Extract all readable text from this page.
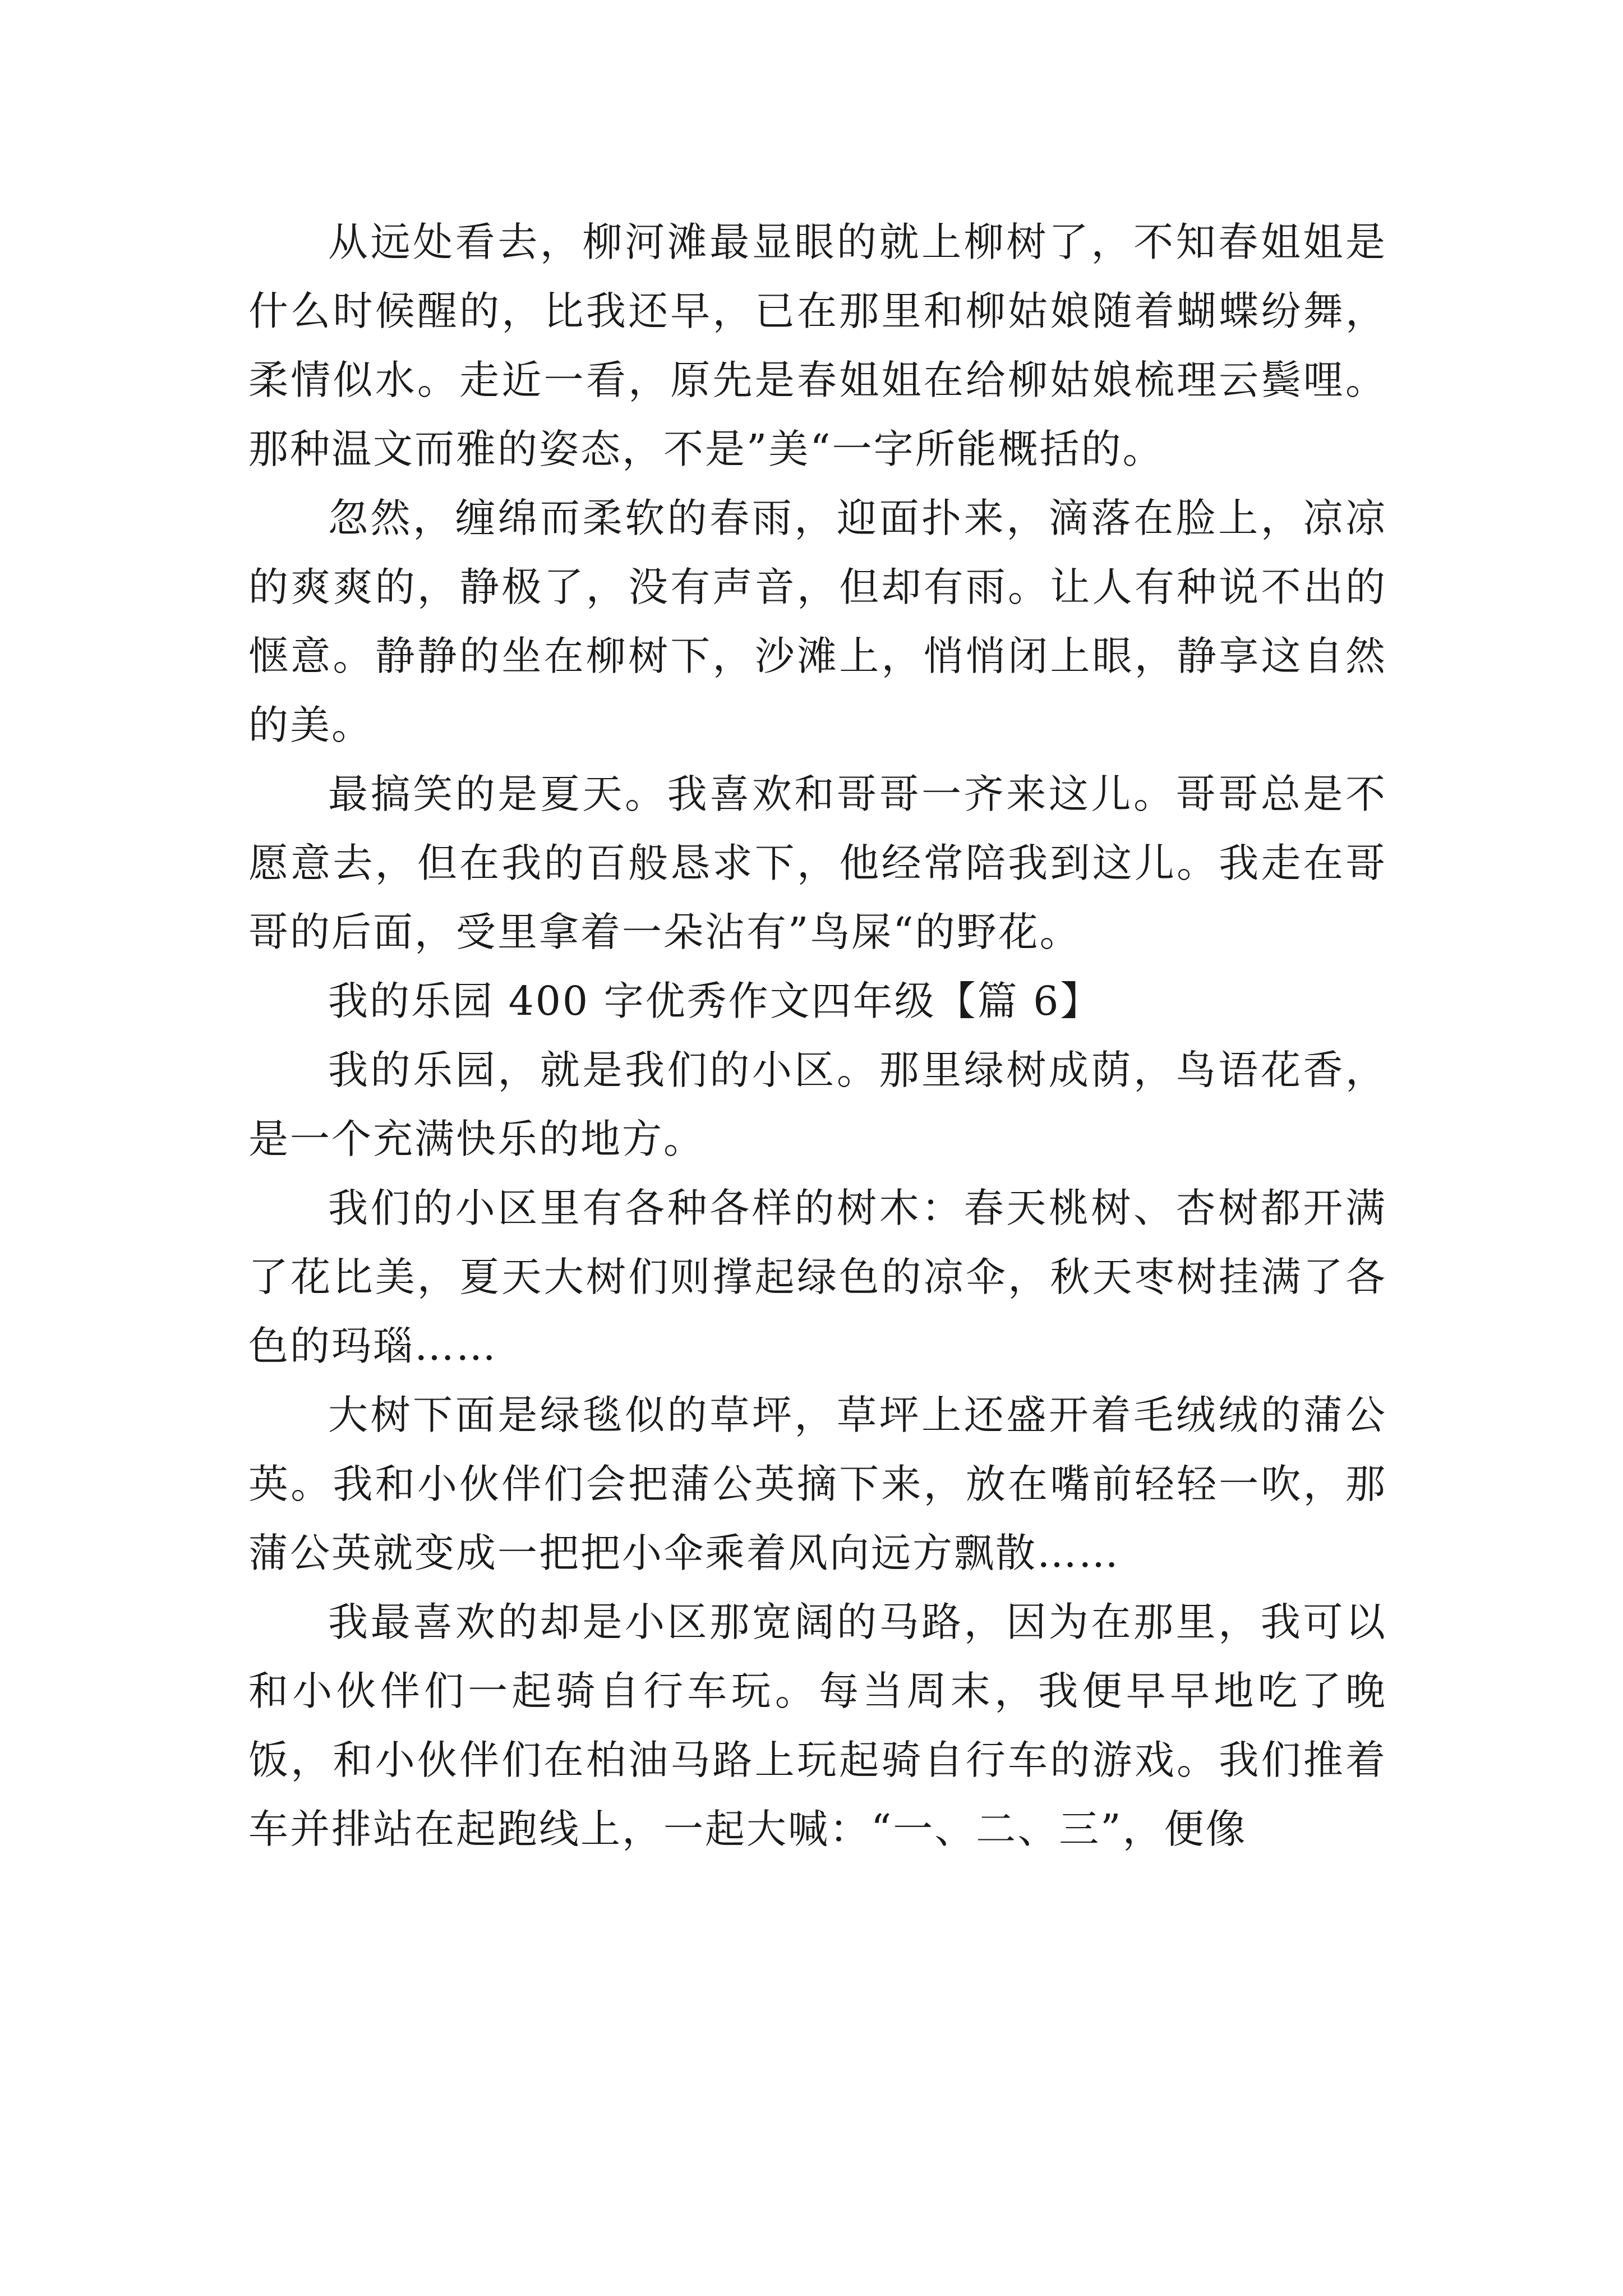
从远处看去，柳河滩最显眼的就上柳树了，不知春姐姐是什么时候醒的，比我还早，已在那里和柳姑娘随着蝴蝶纷舞，柔情似水。走近一看，原先是春姐姐在给柳姑娘梳理云鬓哩。那种温文而雅的姿态，不是”美“一字所能概括的。

忽然，缠绵而柔软的春雨，迎面扑来，滴落在脸上，凉凉的爽爽的，静极了，没有声音，但却有雨。让人有种说不出的惬意。静静的坐在柳树下，沙滩上，悄悄闭上眼，静享这自然的美。

最搞笑的是夏天。我喜欢和哥哥一齐来这儿。哥哥总是不愿意去，但在我的百般恳求下，他经常陪我到这儿。我走在哥哥的后面，受里拿着一朵沾有”鸟屎“的野花。

我的乐园 400 字优秀作文四年级【篇 6】

我的乐园，就是我们的小区。那里绿树成荫，鸟语花香，是一个充满快乐的地方。

我们的小区里有各种各样的树木：春天桃树、杏树都开满了花比美，夏天大树们则撑起绿色的凉伞，秋天枣树挂满了各色的玛瑙……

大树下面是绿毯似的草坪，草坪上还盛开着毛绒绒的蒲公英。我和小伙伴们会把蒲公英摘下来，放在嘴前轻轻一吹，那蒲公英就变成一把把小伞乘着风向远方飘散……

我最喜欢的却是小区那宽阔的马路，因为在那里，我可以和小伙伴们一起骑自行车玩。每当周末，我便早早地吃了晚饭，和小伙伴们在柏油马路上玩起骑自行车的游戏。我们推着车并排站在起跑线上，一起大喊：“一、二、三”，便像
